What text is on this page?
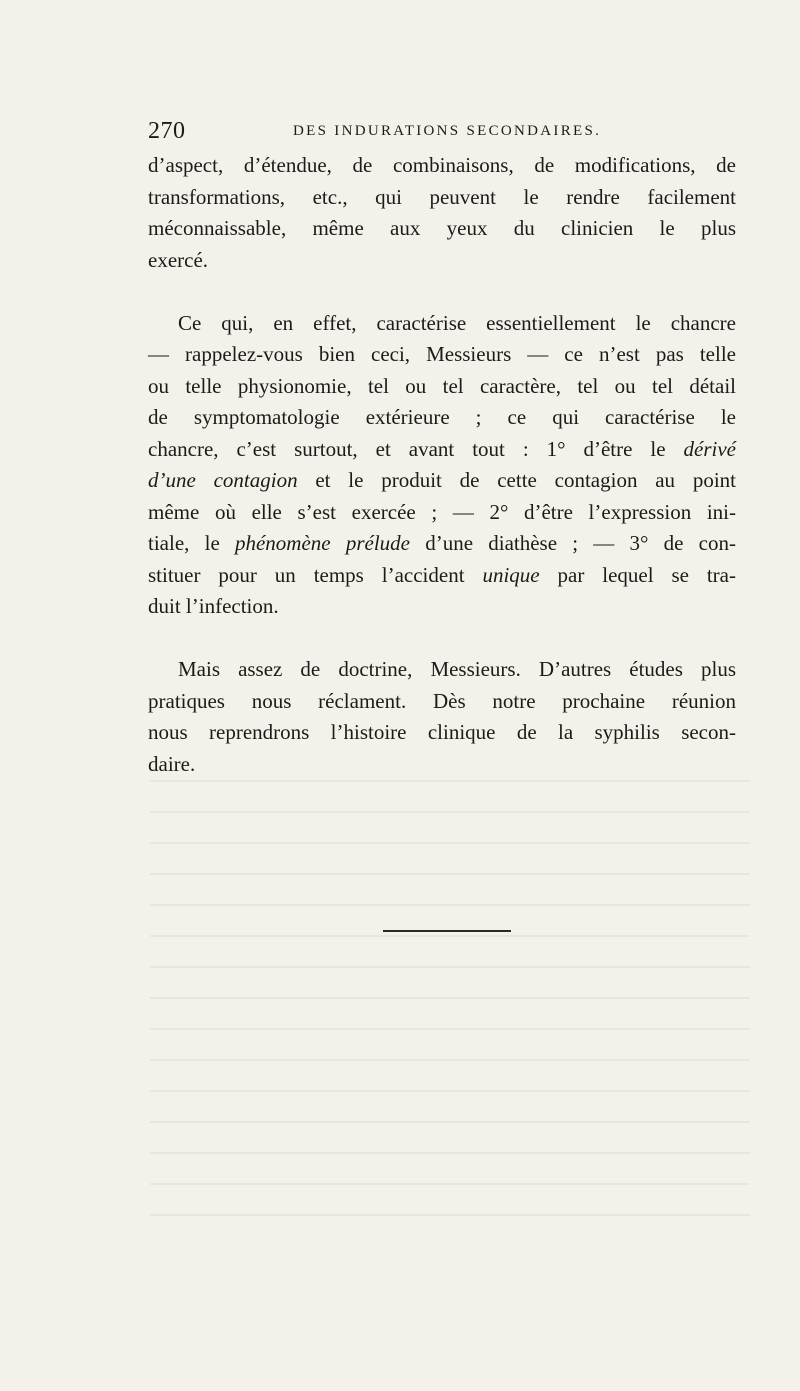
270	DES INDURATIONS SECONDAIRES.
d’aspect, d’étendue, de combinaisons, de modifications, de
transformations, etc., qui peuvent le rendre facilement
méconnaissable, même aux yeux du clinicien le plus
exercé.
Ce qui, en effet, caractérise essentiellement le chancre
— rappelez-vous bien ceci, Messieurs — ce n’est pas telle
ou telle physionomie, tel ou tel caractère, tel ou tel détail
de symptomatologie extérieure ; ce qui caractérise le
chancre, c’est surtout, et avant tout : 1° d’être le dérivé
d’une contagion et le produit de cette contagion au point
même où elle s’est exercée ; — 2° d’être l’expression ini-
tiale, le phénomène prélude d’une diathèse ; — 3° de con-
stituer pour un temps l’accident unique par lequel se tra-
duit l’infection.
Mais assez de doctrine, Messieurs. D’autres études plus
pratiques nous réclament. Dès notre prochaine réunion
nous reprendrons l’histoire clinique de la syphilis secon-
daire.
